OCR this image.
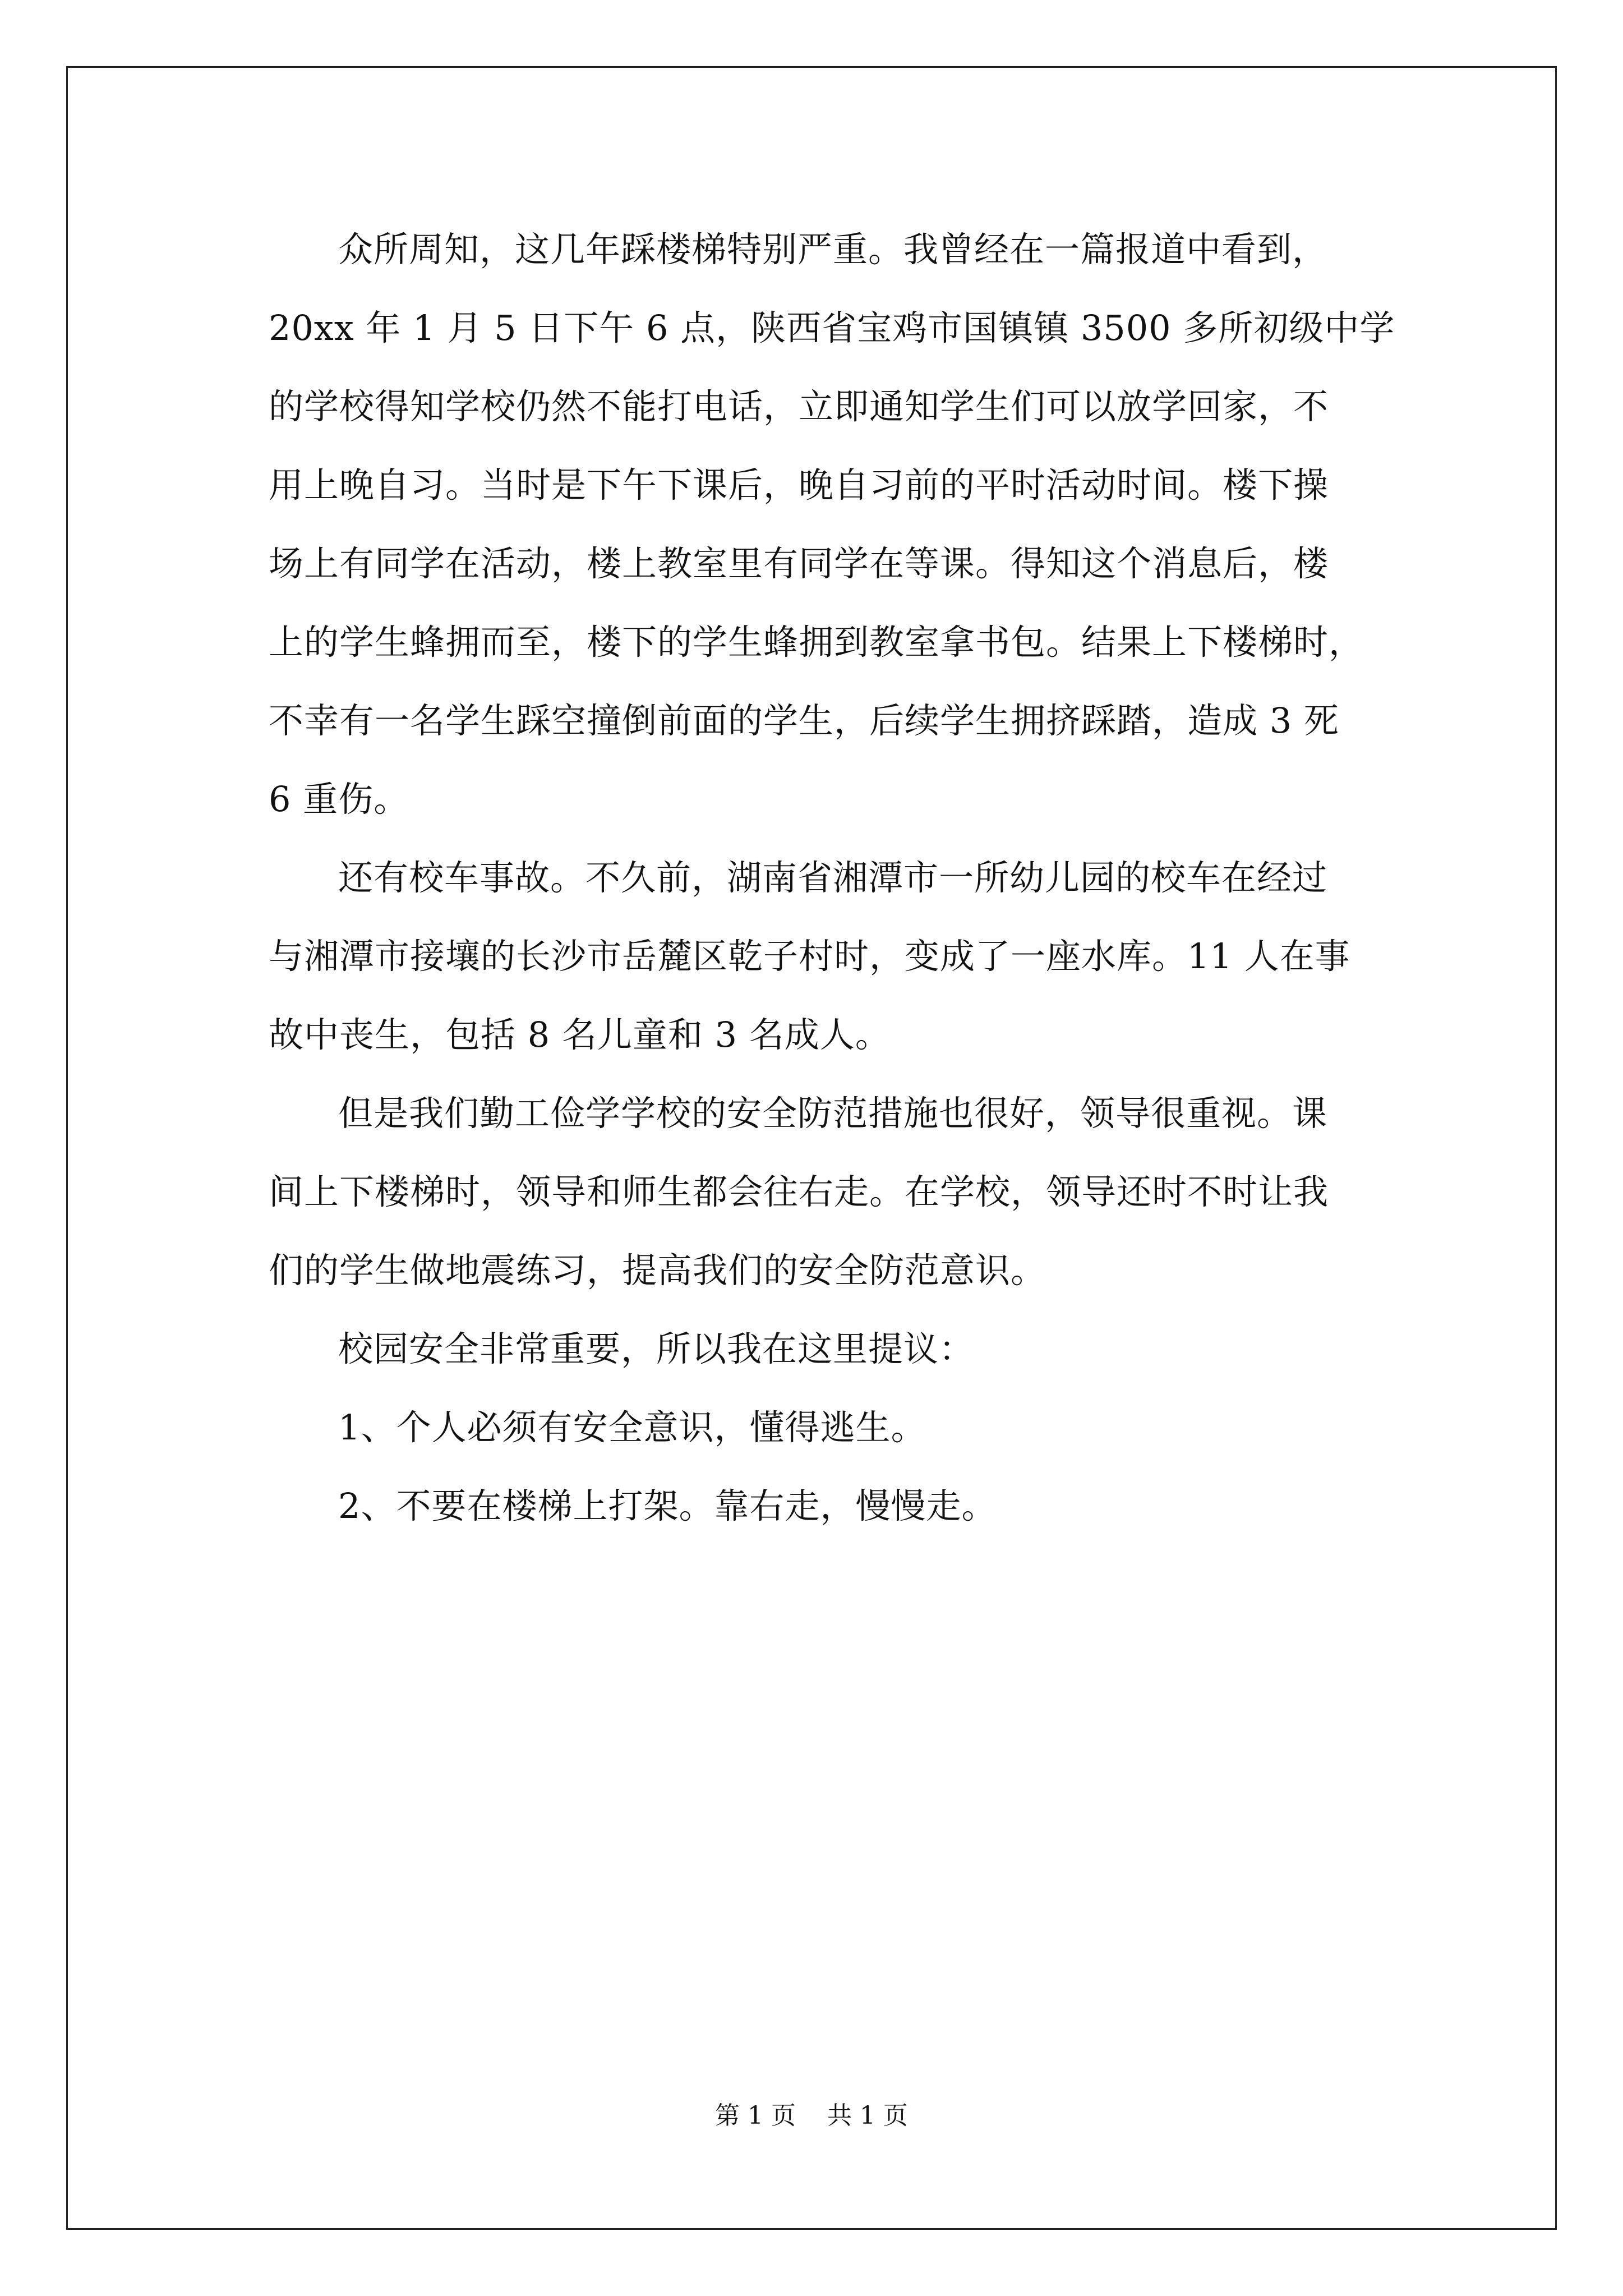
众所周知，这几年踩楼梯特别严重。我曾经在一篇报道中看到，
20xx 年 1 月 5 日下午 6 点，陕西省宝鸡市国镇镇 3500 多所初级中学
的学校得知学校仍然不能打电话，立即通知学生们可以放学回家，不
用上晚自习。当时是下午下课后，晚自习前的平时活动时间。楼下操
场上有同学在活动，楼上教室里有同学在等课。得知这个消息后，楼
上的学生蜂拥而至，楼下的学生蜂拥到教室拿书包。结果上下楼梯时，
不幸有一名学生踩空撞倒前面的学生，后续学生拥挤踩踏，造成 3 死
6 重伤。
还有校车事故。不久前，湖南省湘潭市一所幼儿园的校车在经过
与湘潭市接壤的长沙市岳麓区乾子村时，变成了一座水库。11 人在事
故中丧生，包括 8 名儿童和 3 名成人。
但是我们勤工俭学学校的安全防范措施也很好，领导很重视。课
间上下楼梯时，领导和师生都会往右走。在学校，领导还时不时让我
们的学生做地震练习，提高我们的安全防范意识。
校园安全非常重要，所以我在这里提议：
1、个人必须有安全意识，懂得逃生。
2、不要在楼梯上打架。靠右走，慢慢走。
第 1 页 共 1 页
